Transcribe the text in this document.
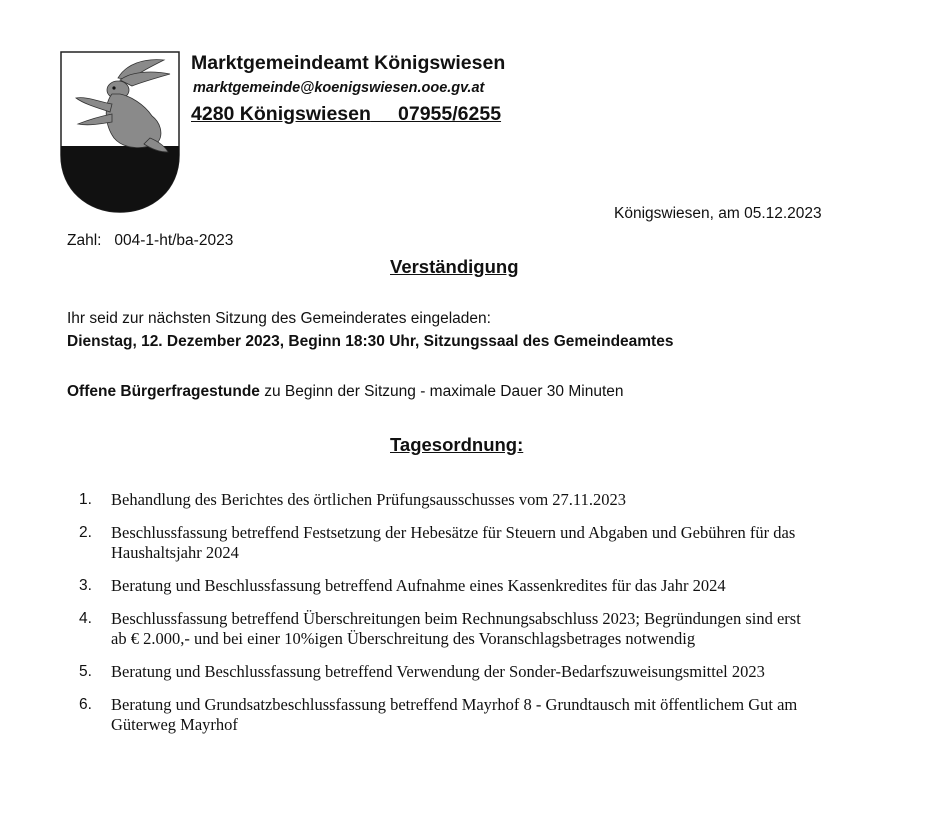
Marktgemeindeamt Königswiesen
marktgemeinde@koenigswiesen.ooe.gv.at
4280 Königswiesen 07955/6255
Königswiesen, am 05.12.2023
Zahl: 004-1-ht/ba-2023
Verständigung
Ihr seid zur nächsten Sitzung des Gemeinderates eingeladen:
Dienstag, 12. Dezember 2023, Beginn 18:30 Uhr, Sitzungssaal des Gemeindeamtes
Offene Bürgerfragestunde zu Beginn der Sitzung - maximale Dauer 30 Minuten
Tagesordnung:
1. Behandlung des Berichtes des örtlichen Prüfungsausschusses vom 27.11.2023
2. Beschlussfassung betreffend Festsetzung der Hebesätze für Steuern und Abgaben und Gebühren für das Haushaltsjahr 2024
3. Beratung und Beschlussfassung betreffend Aufnahme eines Kassenkredites für das Jahr 2024
4. Beschlussfassung betreffend Überschreitungen beim Rechnungsabschluss 2023; Begründungen sind erst ab € 2.000,- und bei einer 10%igen Überschreitung des Voranschlagsbetrages notwendig
5. Beratung und Beschlussfassung betreffend Verwendung der Sonder-Bedarfszuweisungsmittel 2023
6. Beratung und Grundsatzbeschlussfassung betreffend Mayrhof 8 - Grundtausch mit öffentlichem Gut am Güterweg Mayrhof
